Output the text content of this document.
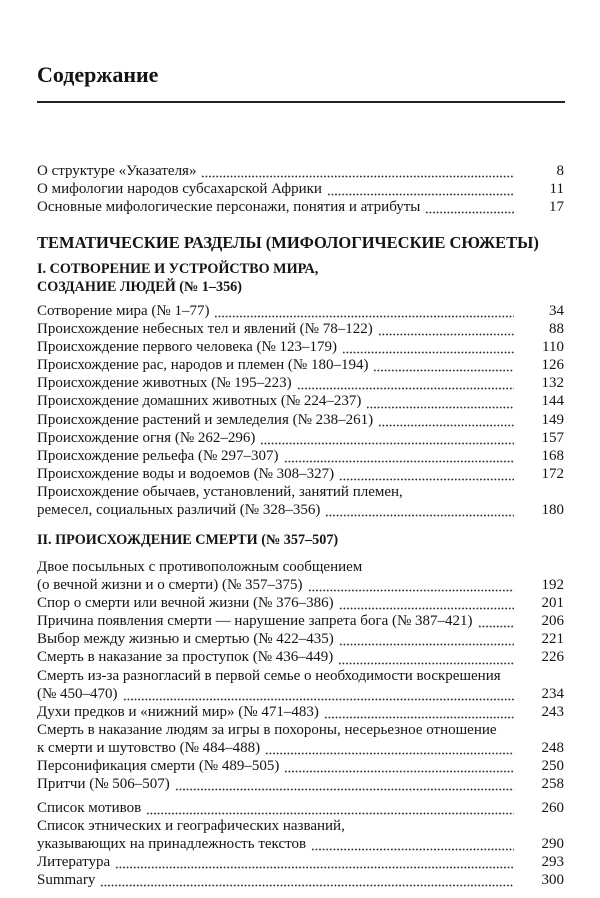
Содержание
О структуре «Указателя»	8
О мифологии народов субсахарской Африки	11
Основные мифологические персонажи, понятия и атрибуты	17
ТЕМАТИЧЕСКИЕ РАЗДЕЛЫ (МИФОЛОГИЧЕСКИЕ СЮЖЕТЫ)
I. СОТВОРЕНИЕ И УСТРОЙСТВО МИРА,
СОЗДАНИЕ ЛЮДЕЙ (№ 1–356)
Сотворение мира (№ 1–77)	34
Происхождение небесных тел и явлений (№ 78–122)	88
Происхождение первого человека (№ 123–179)	110
Происхождение рас, народов и племен (№ 180–194)	126
Происхождение животных (№ 195–223)	132
Происхождение домашних животных (№ 224–237)	144
Происхождение растений и земледелия (№ 238–261)	149
Происхождение огня (№ 262–296)	157
Происхождение рельефа (№ 297–307)	168
Происхождение воды и водоемов (№ 308–327)	172
Происхождение обычаев, установлений, занятий племен,
ремесел, социальных различий (№ 328–356)	180
II. ПРОИСХОЖДЕНИЕ СМЕРТИ (№ 357–507)
Двое посыльных с противоположным сообщением
(о вечной жизни и о смерти) (№ 357–375)	192
Спор о смерти или вечной жизни (№ 376–386)	201
Причина появления смерти — нарушение запрета бога (№ 387–421)	206
Выбор между жизнью и смертью (№ 422–435)	221
Смерть в наказание за проступок (№ 436–449)	226
Смерть из-за разногласий в первой семье о необходимости воскрешения
(№ 450–470)	234
Духи предков и «нижний мир» (№ 471–483)	243
Смерть в наказание людям за игры в похороны, несерьезное отношение
к смерти и шутовство (№ 484–488)	248
Персонификация смерти (№ 489–505)	250
Притчи (№ 506–507)	258
Список мотивов	260
Список этнических и географических названий,
указывающих на принадлежность текстов	290
Литература	293
Summary	300
